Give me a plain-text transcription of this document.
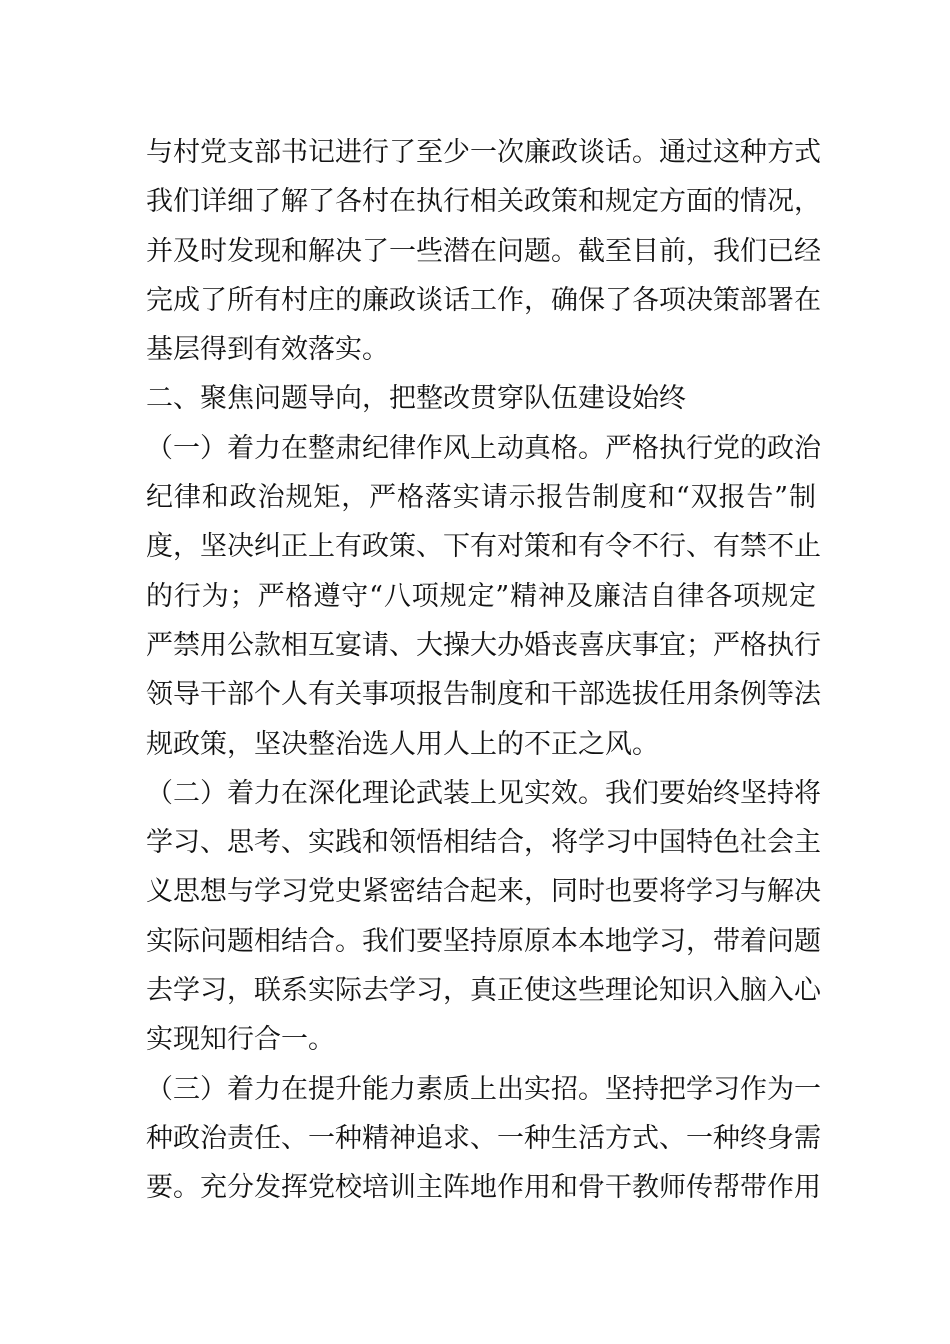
与村党支部书记进行了至少一次廉政谈话。通过这种方式
我们详细了解了各村在执行相关政策和规定方面的情况，
并及时发现和解决了一些潜在问题。截至目前，我们已经
完成了所有村庄的廉政谈话工作，确保了各项决策部署在
基层得到有效落实。
二、聚焦问题导向，把整改贯穿队伍建设始终
（一）着力在整肃纪律作风上动真格。严格执行党的政治
纪律和政治规矩，严格落实请示报告制度和“双报告”制
度，坚决纠正上有政策、下有对策和有令不行、有禁不止
的行为；严格遵守“八项规定”精神及廉洁自律各项规定
严禁用公款相互宴请、大操大办婚丧喜庆事宜；严格执行
领导干部个人有关事项报告制度和干部选拔任用条例等法
规政策，坚决整治选人用人上的不正之风。
（二）着力在深化理论武装上见实效。我们要始终坚持将
学习、思考、实践和领悟相结合，将学习中国特色社会主
义思想与学习党史紧密结合起来，同时也要将学习与解决
实际问题相结合。我们要坚持原原本本地学习，带着问题
去学习，联系实际去学习，真正使这些理论知识入脑入心
实现知行合一。
（三）着力在提升能力素质上出实招。坚持把学习作为一
种政治责任、一种精神追求、一种生活方式、一种终身需
要。充分发挥党校培训主阵地作用和骨干教师传帮带作用
